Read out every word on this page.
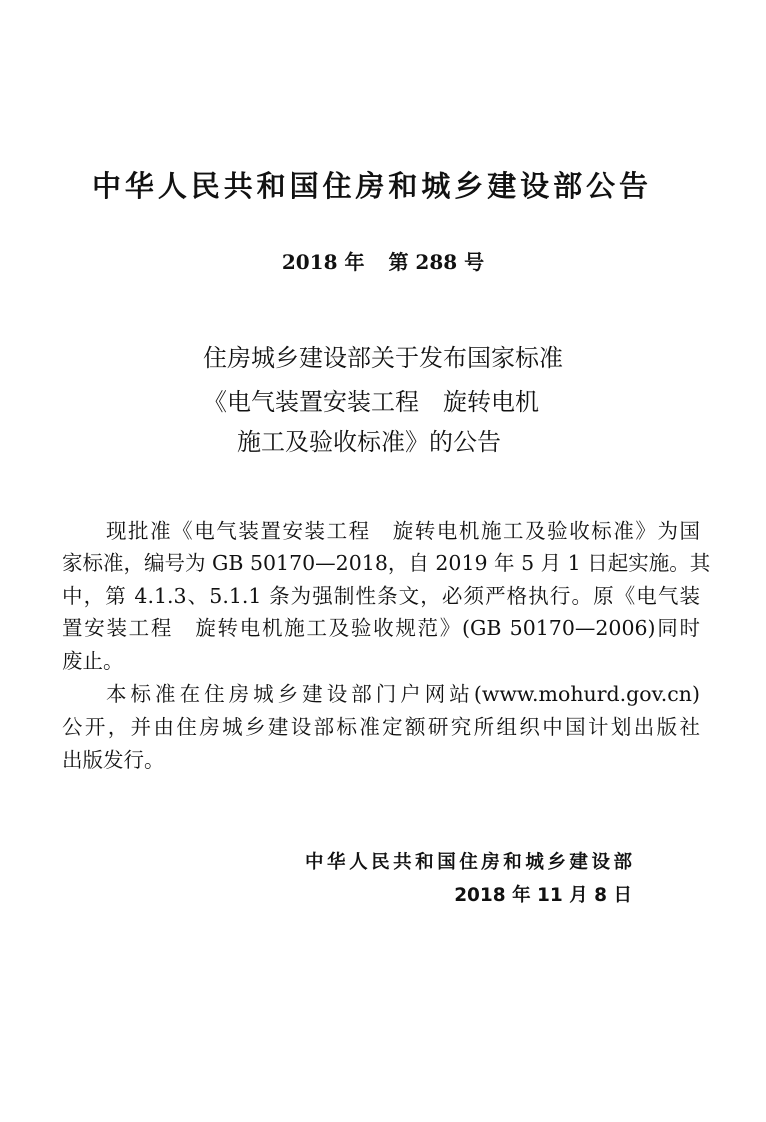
中华人民共和国住房和城乡建设部公告
2018 年 第 288 号
住房城乡建设部关于发布国家标准
《电气装置安装工程　旋转电机
施工及验收标准》的公告
现批准《电气装置安装工程　旋转电机施工及验收标准》为国
家标准，编号为 GB 50170—2018，自 2019 年 5 月 1 日起实施。其
中，第 4.1.3、5.1.1 条为强制性条文，必须严格执行。原《电气装
置安装工程　旋转电机施工及验收规范》(GB 50170—2006)同时
废止。
本标准在住房城乡建设部门户网站(www.mohurd.gov.cn)
公开，并由住房城乡建设部标准定额研究所组织中国计划出版社
出版发行。
中华人民共和国住房和城乡建设部
2018 年 11 月 8 日
